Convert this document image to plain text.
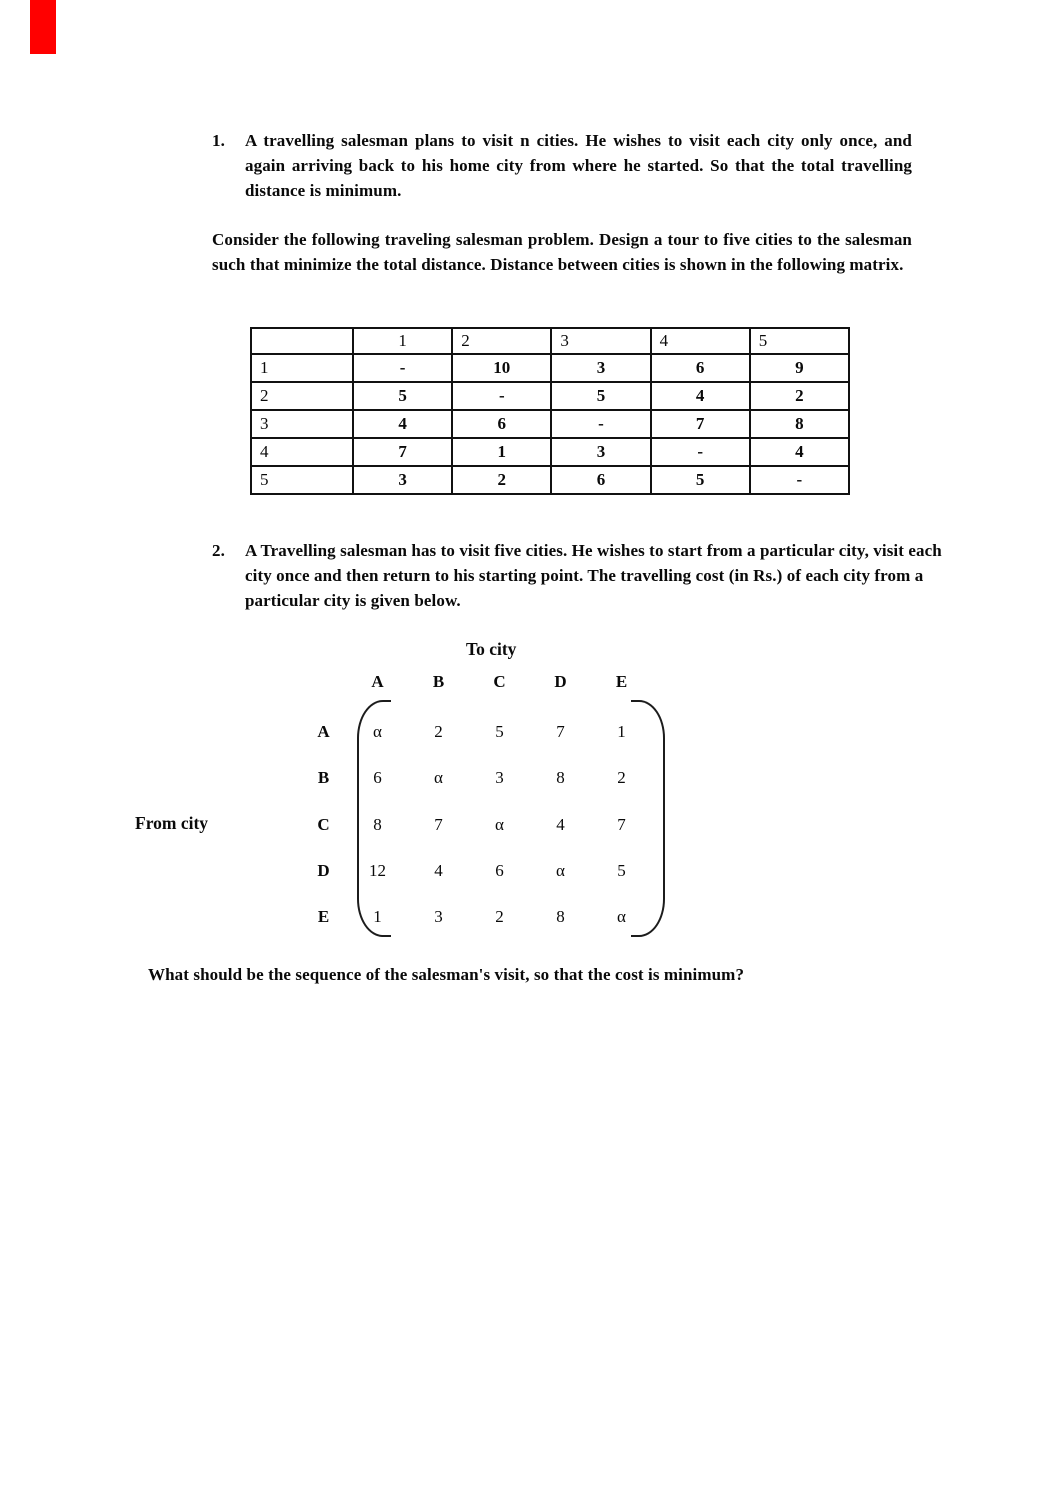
1.	A travelling salesman plans to visit n cities. He wishes to visit each city only once, and again arriving back to his home city from where he started. So that the total travelling distance is minimum.
Consider the following traveling salesman problem. Design a tour to five cities to the salesman such that minimize the total distance. Distance between cities is shown in the following matrix.
	1	2	3	4	5
1	-	10	3	6	9
2	5	-	5	4	2
3	4	6	-	7	8
4	7	1	3	-	4
5	3	2	6	5	-
2.	A Travelling salesman has to visit five cities. He wishes to start from a particular city, visit each city once and then return to his starting point. The travelling cost (in Rs.) of each city from a particular city is given below.
To city
From city
A	B	C	D	E
A	α	2	5	7	1
B	6	α	3	8	2
C	8	7	α	4	7
D	12	4	6	α	5
E	1	3	2	8	α
What should be the sequence of the salesman's visit, so that the cost is minimum?
